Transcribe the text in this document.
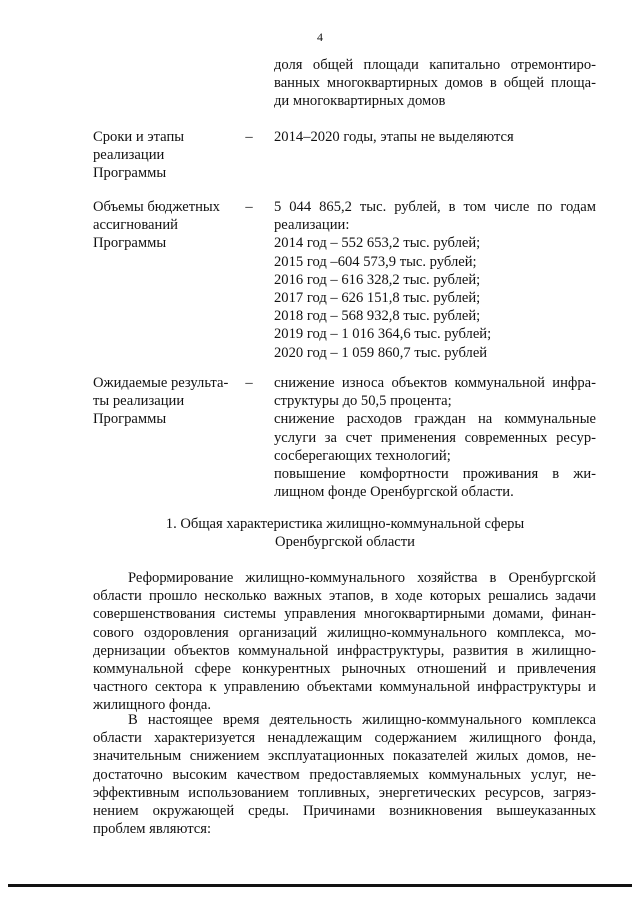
4
доля общей площади капитально отремонтиро-
ванных многоквартирных домов в общей площа-
ди многоквартирных домов
Сроки и этапы
реализации
Программы
– 2014–2020 годы, этапы не выделяются
Объемы бюджетных
ассигнований
Программы
– 5 044 865,2 тыс. рублей, в том числе по годам
реализации:
2014 год – 552 653,2 тыс. рублей;
2015 год –604 573,9 тыс. рублей;
2016 год – 616 328,2 тыс. рублей;
2017 год – 626 151,8 тыс. рублей;
2018 год – 568 932,8 тыс. рублей;
2019 год – 1 016 364,6 тыс. рублей;
2020 год – 1 059 860,7 тыс. рублей
Ожидаемые результа-
ты реализации
Программы
– снижение износа объектов коммунальной инфра-
структуры до 50,5 процента;
снижение расходов граждан на коммунальные
услуги за счет применения современных ресур-
сосберегающих технологий;
повышение комфортности проживания в жи-
лищном фонде Оренбургской области.
1. Общая характеристика жилищно-коммунальной сферы
Оренбургской области
Реформирование жилищно-коммунального хозяйства в Оренбургской
области прошло несколько важных этапов, в ходе которых решались задачи
совершенствования системы управления многоквартирными домами, финан-
сового оздоровления организаций жилищно-коммунального комплекса, мо-
дернизации объектов коммунальной инфраструктуры, развития в жилищно-
коммунальной сфере конкурентных рыночных отношений и привлечения
частного сектора к управлению объектами коммунальной инфраструктуры и
жилищного фонда.
В настоящее время деятельность жилищно-коммунального комплекса
области характеризуется ненадлежащим содержанием жилищного фонда,
значительным снижением эксплуатационных показателей жилых домов, не-
достаточно высоким качеством предоставляемых коммунальных услуг, не-
эффективным использованием топливных, энергетических ресурсов, загряз-
нением окружающей среды. Причинами возникновения вышеуказанных
проблем являются:
